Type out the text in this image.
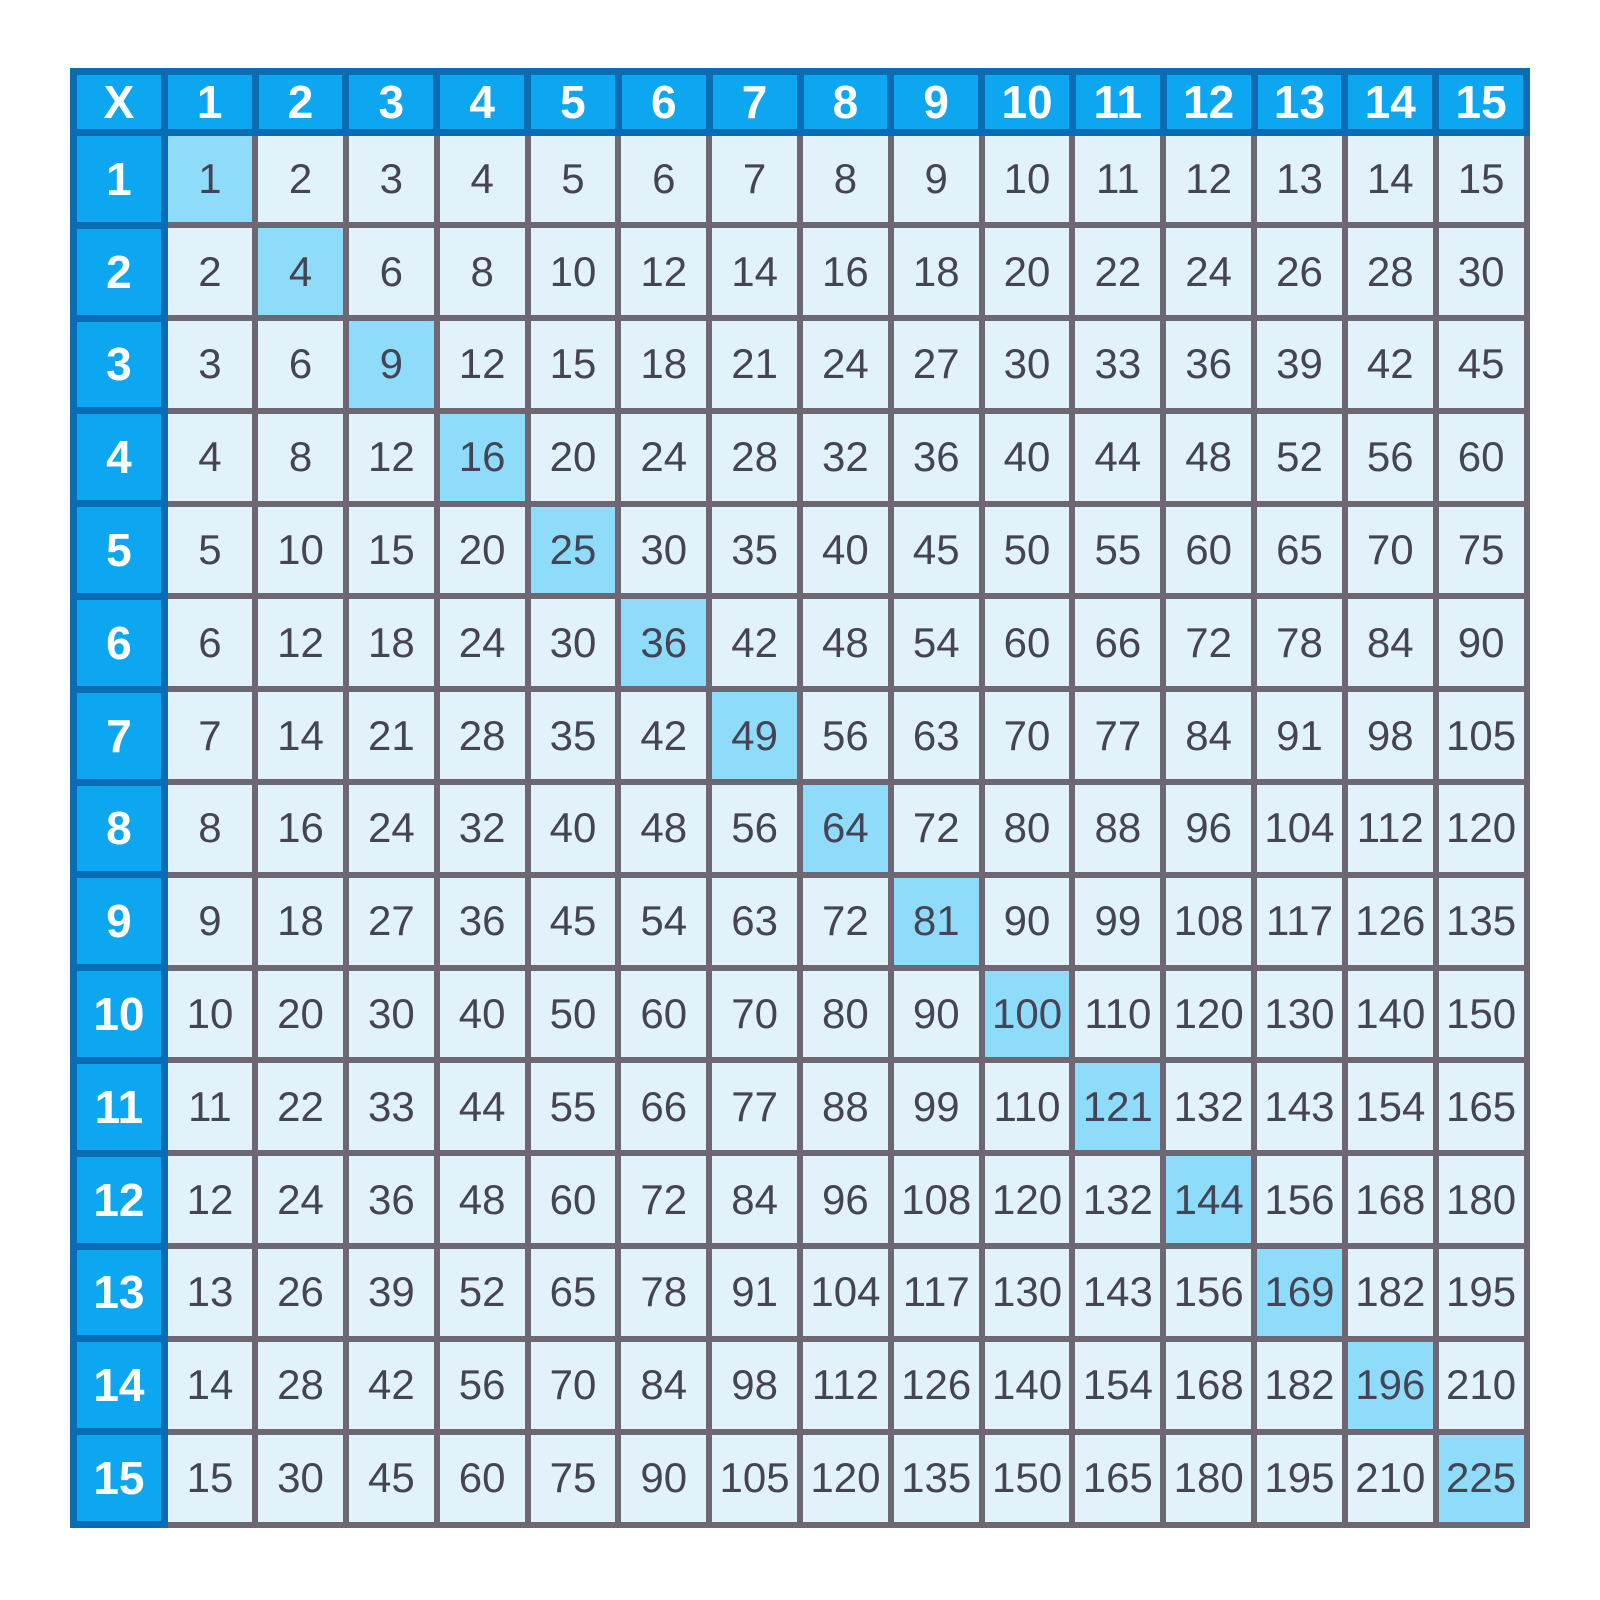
X	1	2	3	4	5	6	7	8	9	10	11	12	13	14	15
1	1	2	3	4	5	6	7	8	9	10	11	12	13	14	15
2	2	4	6	8	10	12	14	16	18	20	22	24	26	28	30
3	3	6	9	12	15	18	21	24	27	30	33	36	39	42	45
4	4	8	12	16	20	24	28	32	36	40	44	48	52	56	60
5	5	10	15	20	25	30	35	40	45	50	55	60	65	70	75
6	6	12	18	24	30	36	42	48	54	60	66	72	78	84	90
7	7	14	21	28	35	42	49	56	63	70	77	84	91	98	105
8	8	16	24	32	40	48	56	64	72	80	88	96	104	112	120
9	9	18	27	36	45	54	63	72	81	90	99	108	117	126	135
10	10	20	30	40	50	60	70	80	90	100	110	120	130	140	150
11	11	22	33	44	55	66	77	88	99	110	121	132	143	154	165
12	12	24	36	48	60	72	84	96	108	120	132	144	156	168	180
13	13	26	39	52	65	78	91	104	117	130	143	156	169	182	195
14	14	28	42	56	70	84	98	112	126	140	154	168	182	196	210
15	15	30	45	60	75	90	105	120	135	150	165	180	195	210	225
